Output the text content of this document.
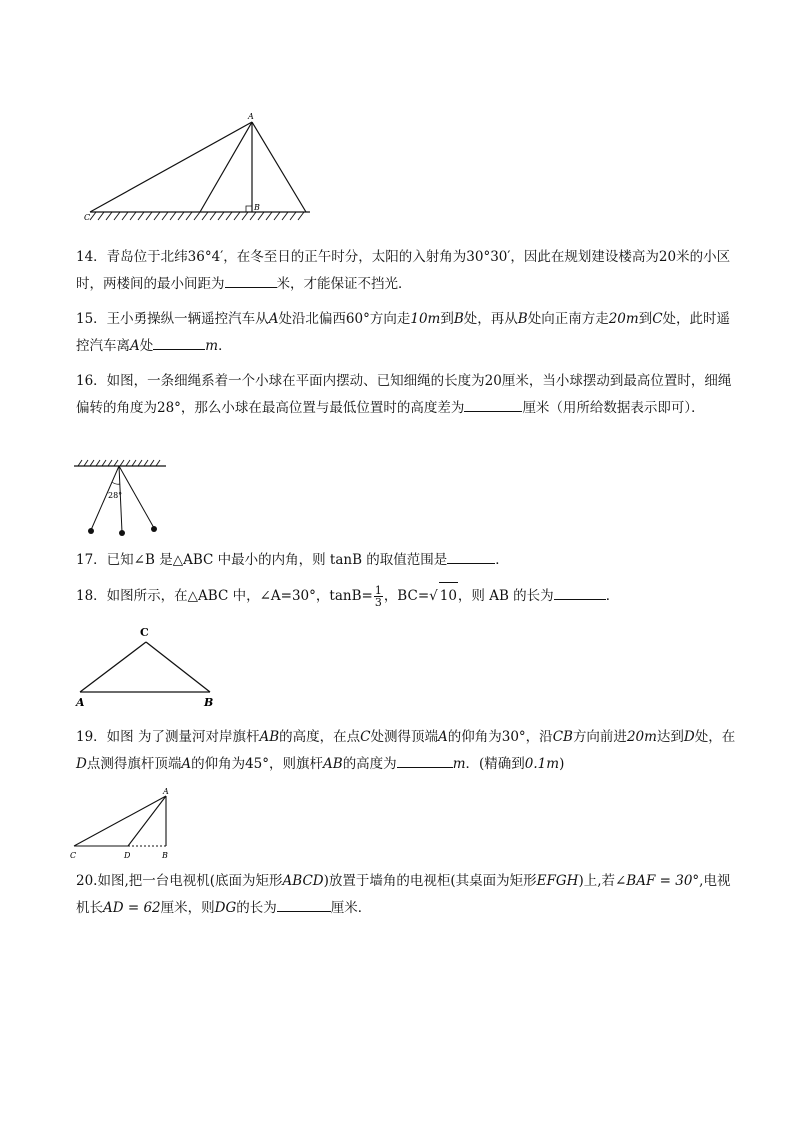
A
B
C

14．青岛位于北纬36°4′，在冬至日的正午时分，太阳的入射角为30°30′，因此在规划建设楼高为20米的小区时，两楼间的最小间距为	米，才能保证不挡光．

15．王小勇操纵一辆遥控汽车从A处沿北偏西60°方向走10m到B处，再从B处向正南方走20m到C处，此时遥控汽车离A处	m．

16．如图，一条细绳系着一个小球在平面内摆动、已知细绳的长度为20厘米，当小球摆动到最高位置时，细绳偏转的角度为28°，那么小球在最高位置与最低位置时的高度差为	厘米（用所给数据表示即可）．

28°

17．已知∠B 是△ABC 中最小的内角，则 tanB 的取值范围是	．

18．如图所示，在△ABC 中，∠A=30°，$\tan B= \frac{1}{3}$ ，BC=√ 10，则 AB 的长为	．

C
A	B

19．如图 为了测量河对岸旗杆AB的高度，在点C处测得顶端A的仰角为30°，沿CB方向前进20m达到D处，在D点测得旗杆顶端A的仰角为45°，则旗杆AB的高度为	m．(精确到0.1m)

A
B
C	D

20.如图,把一台电视机(底面为矩形ABCD)放置于墙角的电视柜(其桌面为矩形EFGH)上,若∠BAF = 30°,电视机长AD = 62厘米，则DG的长为	厘米．
